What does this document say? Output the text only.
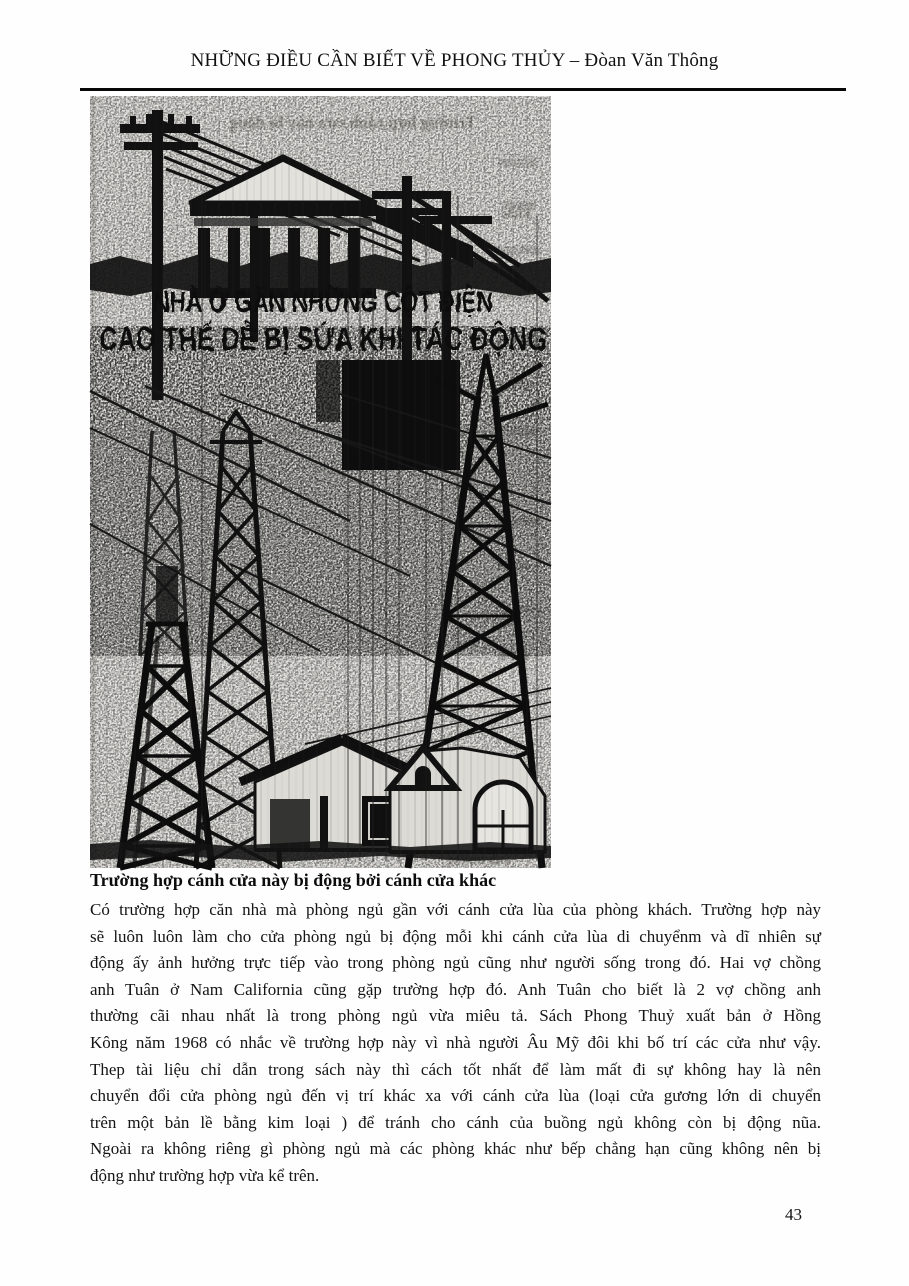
NHỮNG ĐIỀU CẦN BIẾT VỀ PHONG THỦY – Đòan Văn Thông
Trường hợp cánh cửa này bị động bởi cánh cửa khác
Có trường hợp căn nhà mà phòng ngủ gần với cánh cửa lùa của phòng khách. Trường hợp này
sẽ luôn luôn làm cho cửa phòng ngủ bị động mỗi khi cánh cửa lùa di chuyểnm và dĩ nhiên sự
động ấy ảnh hưởng trực tiếp vào trong phòng ngủ cũng như người sống trong đó. Hai vợ chồng
anh Tuân ở Nam California cũng gặp trường hợp đó. Anh Tuân cho biết là 2 vợ chồng anh
thường cãi nhau nhất là trong phòng ngủ vừa miêu tả. Sách Phong Thuỷ xuất bản ở Hồng
Kông năm 1968 có nhắc về trường hợp này vì nhà người Âu Mỹ đôi khi bố trí các cửa như vậy.
Thep tài liệu chỉ dẫn trong sách này thì cách tốt nhất để làm mất đi sự không hay là nên
chuyển đổi cửa phòng ngủ đến vị trí khác xa với cánh cửa lùa (loại cửa gương lớn di chuyển
trên một bản lề bằng kim loại ) để tránh cho cánh của buồng ngủ không còn bị động nũa.
Ngoài ra không riêng gì phòng ngủ mà các phòng khác như bếp chẳng hạn cũng không nên bị
động như trường hợp vừa kể trên.
43
